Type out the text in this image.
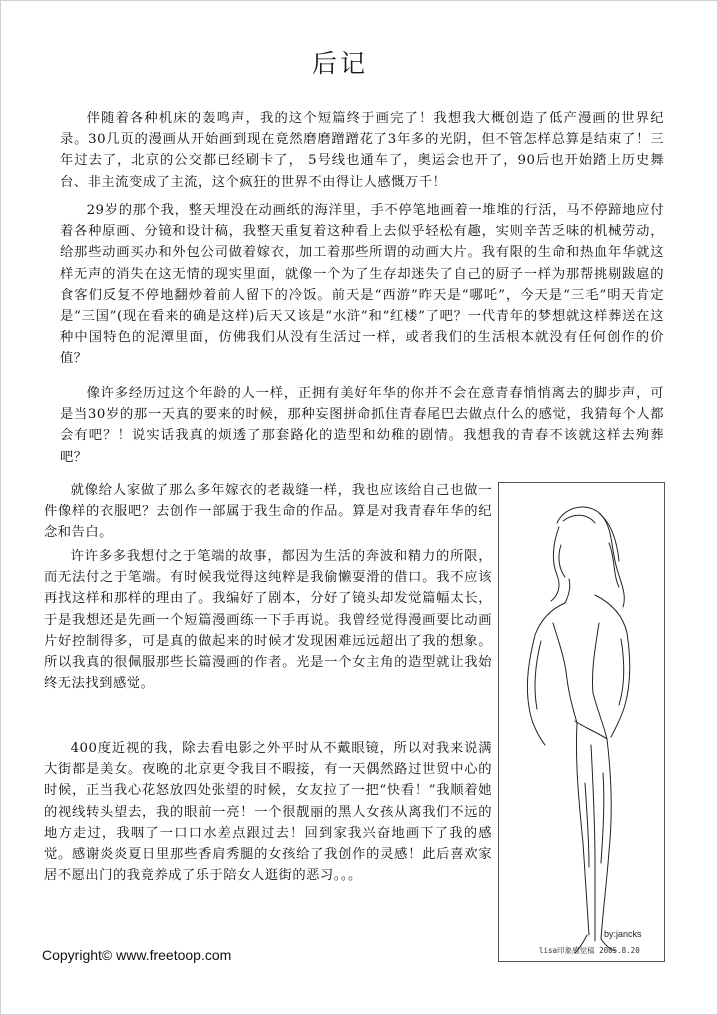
后记

伴随着各种机床的轰鸣声，我的这个短篇终于画完了！我想我大概创造了低产漫画的世界纪录。30几页的漫画从开始画到现在竟然磨磨蹭蹭花了3年多的光阴，但不管怎样总算是结束了！三年过去了，北京的公交都已经刷卡了， 5号线也通车了，奥运会也开了，90后也开始踏上历史舞台、非主流变成了主流，这个疯狂的世界不由得让人感慨万千！

29岁的那个我，整天埋没在动画纸的海洋里，手不停笔地画着一堆堆的行活，马不停蹄地应付着各种原画、分镜和设计稿，我整天重复着这种看上去似乎轻松有趣，实则辛苦乏味的机械劳动，给那些动画买办和外包公司做着嫁衣，加工着那些所谓的动画大片。我有限的生命和热血年华就这样无声的消失在这无情的现实里面，就像一个为了生存却迷失了自己的厨子一样为那帮挑剔跋扈的食客们反复不停地翻炒着前人留下的冷饭。前天是“西游”昨天是“哪吒”，今天是“三毛”明天肯定是“三国”(现在看来的确是这样)后天又该是“水浒”和“红楼”了吧？一代青年的梦想就这样葬送在这种中国特色的泥潭里面，仿佛我们从没有生活过一样，或者我们的生活根本就没有任何创作的价值？

像许多经历过这个年龄的人一样，正拥有美好年华的你并不会在意青春悄悄离去的脚步声，可是当30岁的那一天真的要来的时候，那种妄图拼命抓住青春尾巴去做点什么的感觉，我猜每个人都会有吧？！说实话我真的烦透了那套路化的造型和幼稚的剧情。我想我的青春不该就这样去殉葬吧？

就像给人家做了那么多年嫁衣的老裁缝一样，我也应该给自己也做一件像样的衣服吧？去创作一部属于我生命的作品。算是对我青春年华的纪念和告白。

许许多多我想付之于笔端的故事，都因为生活的奔波和精力的所限，而无法付之于笔端。有时候我觉得这纯粹是我偷懒耍滑的借口。我不应该再找这样和那样的理由了。我编好了剧本，分好了镜头却发觉篇幅太长，于是我想还是先画一个短篇漫画练一下手再说。我曾经觉得漫画要比动画片好控制得多，可是真的做起来的时候才发现困难远远超出了我的想象。所以我真的很佩服那些长篇漫画的作者。光是一个女主角的造型就让我始终无法找到感觉。

400度近视的我，除去看电影之外平时从不戴眼镜，所以对我来说满大街都是美女。夜晚的北京更令我目不暇接，有一天偶然路过世贸中心的时候，正当我心花怒放四处张望的时候，女友拉了一把“快看！”我顺着她的视线转头望去，我的眼前一亮！一个很靓丽的黑人女孩从离我们不远的地方走过，我咽了一口口水差点跟过去！回到家我兴奋地画下了我的感觉。感谢炎炎夏日里那些香肩秀腿的女孩给了我创作的灵感！此后喜欢家居不愿出门的我竟养成了乐于陪女人逛街的恶习。。。

by:jancks
lisa印象感觉稿 2005.8.20
Copyright© www.freetoop.com
